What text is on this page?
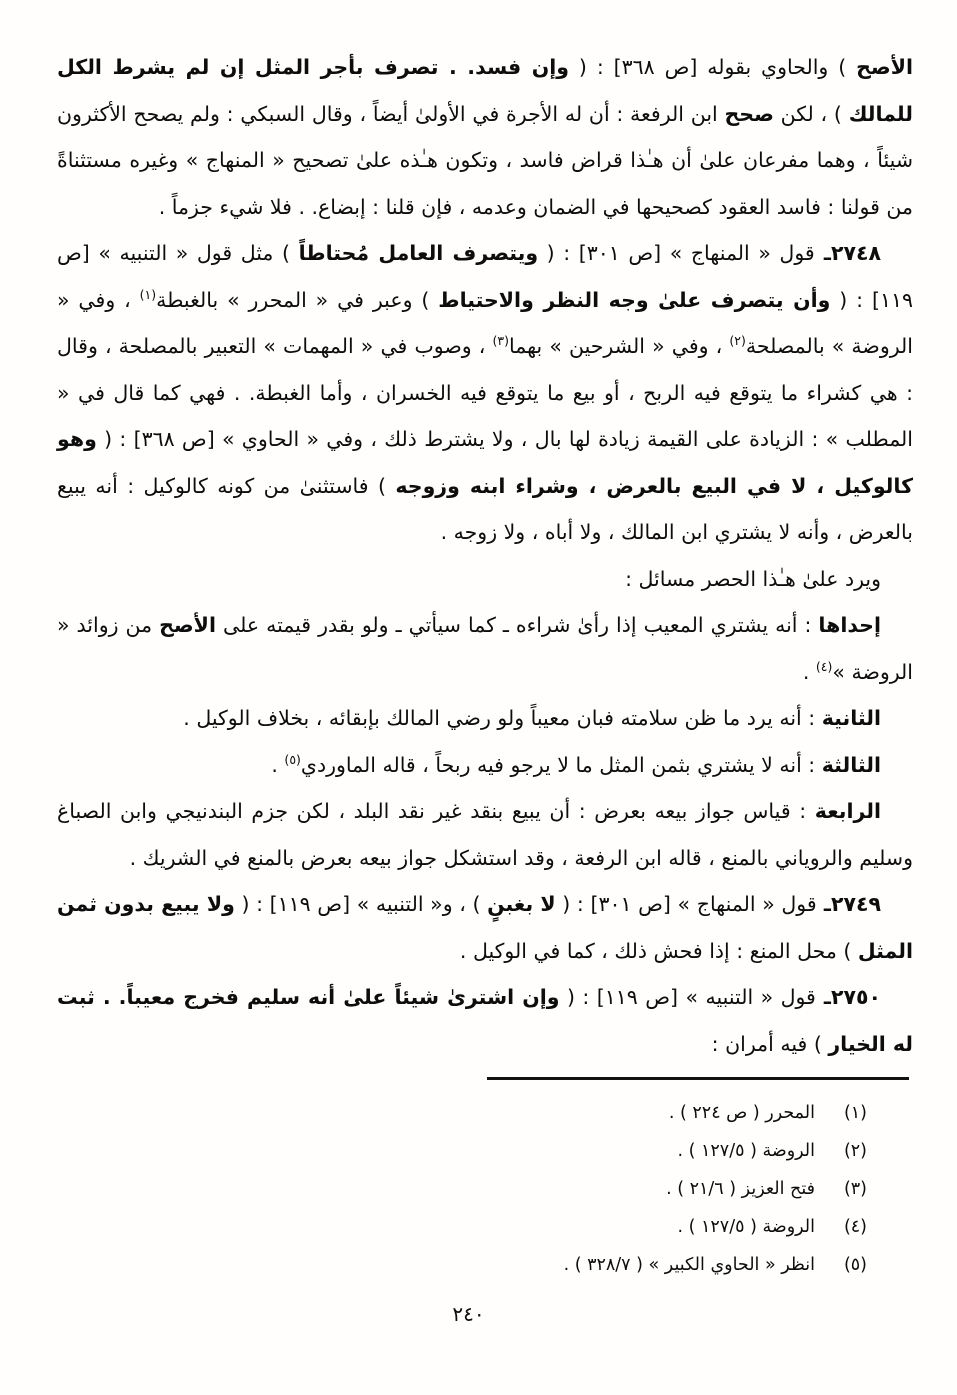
الأصح ) والحاوي بقوله [ص ٣٦٨] : ( وإن فسد. . تصرف بأجر المثل إن لم يشرط الكل للمالك ) ، لكن صحح ابن الرفعة : أن له الأجرة في الأولىٰ أيضاً ، وقال السبكي : ولم يصحح الأكثرون شيئاً ، وهما مفرعان علىٰ أن هـٰذا قراض فاسد ، وتكون هـٰذه علىٰ تصحيح « المنهاج » وغيره مستثناةً من قولنا : فاسد العقود كصحيحها في الضمان وعدمه ، فإن قلنا : إبضاع. . فلا شيء جزماً .

٢٧٤٨ـ قول « المنهاج » [ص ٣٠١] : ( ويتصرف العامل مُحتاطاً ) مثل قول « التنبيه » [ص ١١٩] : ( وأن يتصرف علىٰ وجه النظر والاحتياط ) وعبر في « المحرر » بالغبطة$^{(١)}$ ، وفي « الروضة » بالمصلحة$^{(٢)}$ ، وفي « الشرحين » بهما$^{(٣)}$ ، وصوب في « المهمات » التعبير بالمصلحة ، وقال : هي كشراء ما يتوقع فيه الربح ، أو بيع ما يتوقع فيه الخسران ، وأما الغبطة. . فهي كما قال في « المطلب » : الزيادة على القيمة زيادة لها بال ، ولا يشترط ذلك ، وفي « الحاوي » [ص ٣٦٨] : ( وهو كالوكيل ، لا في البيع بالعرض ، وشراء ابنه وزوجه ) فاستثنىٰ من كونه كالوكيل : أنه يبيع بالعرض ، وأنه لا يشتري ابن المالك ، ولا أباه ، ولا زوجه .

ويرد علىٰ هـٰذا الحصر مسائل :

إحداها : أنه يشتري المعيب إذا رأىٰ شراءه ـ كما سيأتي ـ ولو بقدر قيمته على الأصح من زوائد « الروضة »$^{(٤)}$ .

الثانية : أنه يرد ما ظن سلامته فبان معيباً ولو رضي المالك بإبقائه ، بخلاف الوكيل .

الثالثة : أنه لا يشتري بثمن المثل ما لا يرجو فيه ربحاً ، قاله الماوردي$^{(٥)}$ .

الرابعة : قياس جواز بيعه بعرض : أن يبيع بنقد غير نقد البلد ، لكن جزم البندنيجي وابن الصباغ وسليم والروياني بالمنع ، قاله ابن الرفعة ، وقد استشكل جواز بيعه بعرض بالمنع في الشريك .

٢٧٤٩ـ قول « المنهاج » [ص ٣٠١] : ( لا بغبنٍ ) ، و« التنبيه » [ص ١١٩] : ( ولا يبيع بدون ثمن المثل ) محل المنع : إذا فحش ذلك ، كما في الوكيل .

٢٧٥٠ـ قول « التنبيه » [ص ١١٩] : ( وإن اشترىٰ شيئاً علىٰ أنه سليم فخرج معيباً. . ثبت له الخيار ) فيه أمران :

(١)
المحرر ( ص ٢٢٤ ) .
(٢)
الروضة ( ١٢٧/٥ ) .
(٣)
فتح العزيز ( ٢١/٦ ) .
(٤)
الروضة ( ١٢٧/٥ ) .
(٥)
انظر « الحاوي الكبير » ( ٣٢٨/٧ ) .
٢٤٠
